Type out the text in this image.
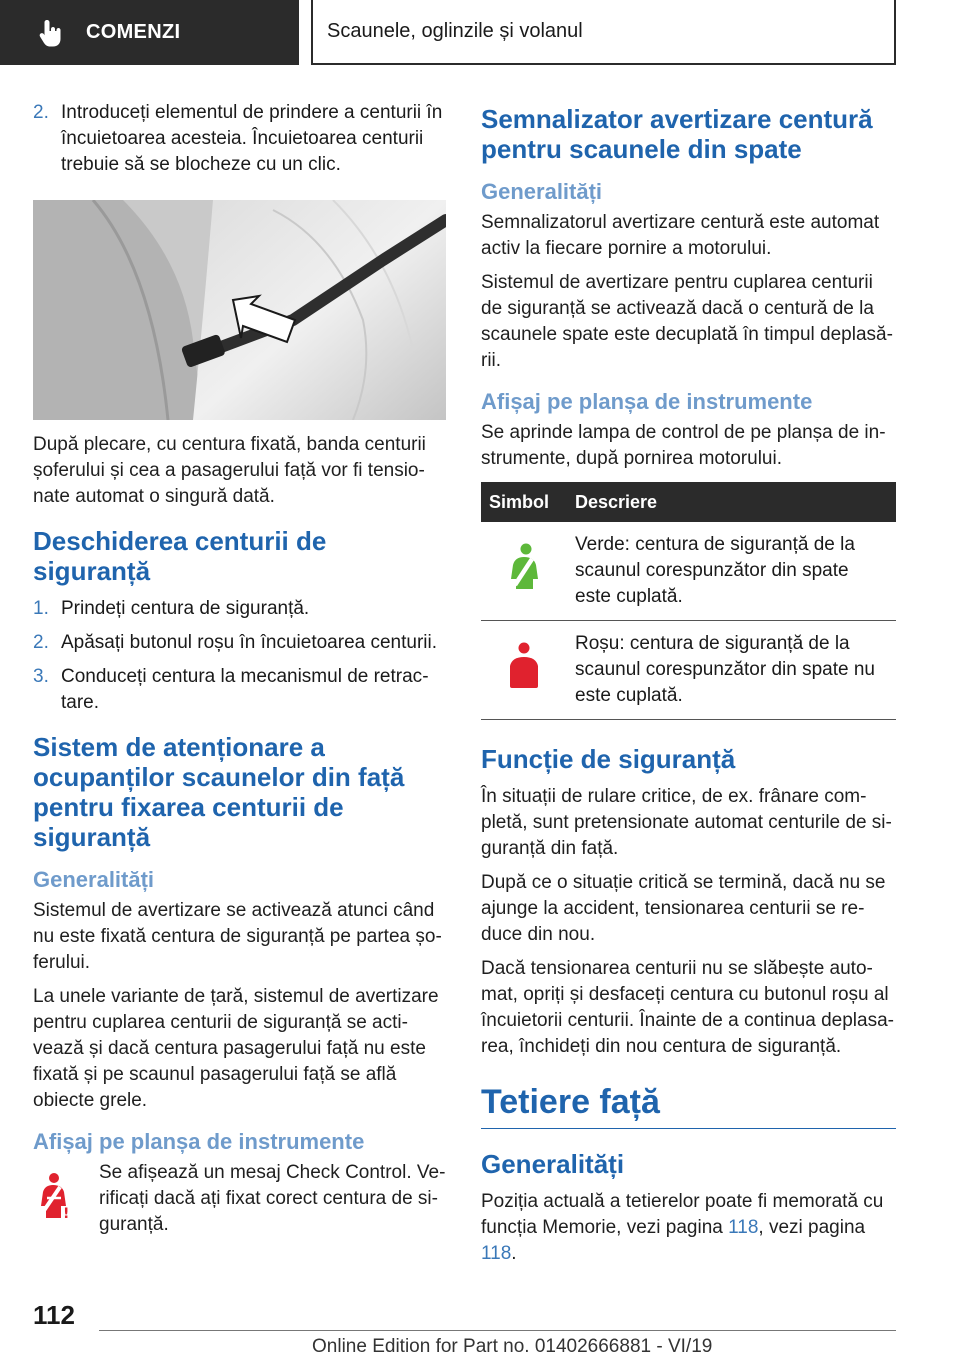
COMENZI	Scaunele, oglinzile și volanul
2. Introduceți elementul de prindere a centurii în încuietoarea acesteia. Încuietoarea centurii trebuie să se blocheze cu un clic.
După plecare, cu centura fixată, banda centurii șoferului și cea a pasagerului față vor fi tensionate automat o singură dată.
Deschiderea centurii de siguranță
1. Prindeți centura de siguranță.
2. Apăsați butonul roșu în încuietoarea centurii.
3. Conduceți centura la mecanismul de retractare.
Sistem de atenționare a ocupanților scaunelor din față pentru fixarea centurii de siguranță
Generalități
Sistemul de avertizare se activează atunci când nu este fixată centura de siguranță pe partea șoferului.
La unele variante de țară, sistemul de avertizare pentru cuplarea centurii de siguranță se activează și dacă centura pasagerului față nu este fixată și pe scaunul pasagerului față se află obiecte grele.
Afișaj pe planșa de instrumente
!
Se afișează un mesaj Check Control. Verificați dacă ați fixat corect centura de siguranță.
Semnalizator avertizare centură pentru scaunele din spate
Generalități
Semnalizatorul avertizare centură este automat activ la fiecare pornire a motorului.
Sistemul de avertizare pentru cuplarea centurii de siguranță se activează dacă o centură de la scaunele spate este decuplată în timpul deplasării.
Afișaj pe planșa de instrumente
Se aprinde lampa de control de pe planșa de instrumente, după pornirea motorului.
Simbol	Descriere
	Verde: centura de siguranță de la scaunul corespunzător din spate este cuplată.
	Roșu: centura de siguranță de la scaunul corespunzător din spate nu este cuplată.
Funcție de siguranță
În situații de rulare critice, de ex. frânare completă, sunt pretensionate automat centurile de siguranță din față.
După ce o situație critică se termină, dacă nu se ajunge la accident, tensionarea centurii se reduce din nou.
Dacă tensionarea centurii nu se slăbește automat, opriți și desfaceți centura cu butonul roșu al încuietorii centurii. Înainte de a continua deplasarea, închideți din nou centura de siguranță.
Tetiere față
Generalități
Poziția actuală a tetierelor poate fi memorată cu funcția Memorie, vezi pagina 118, vezi pagina 118.
112
Online Edition for Part no. 01402666881 - VI/19
